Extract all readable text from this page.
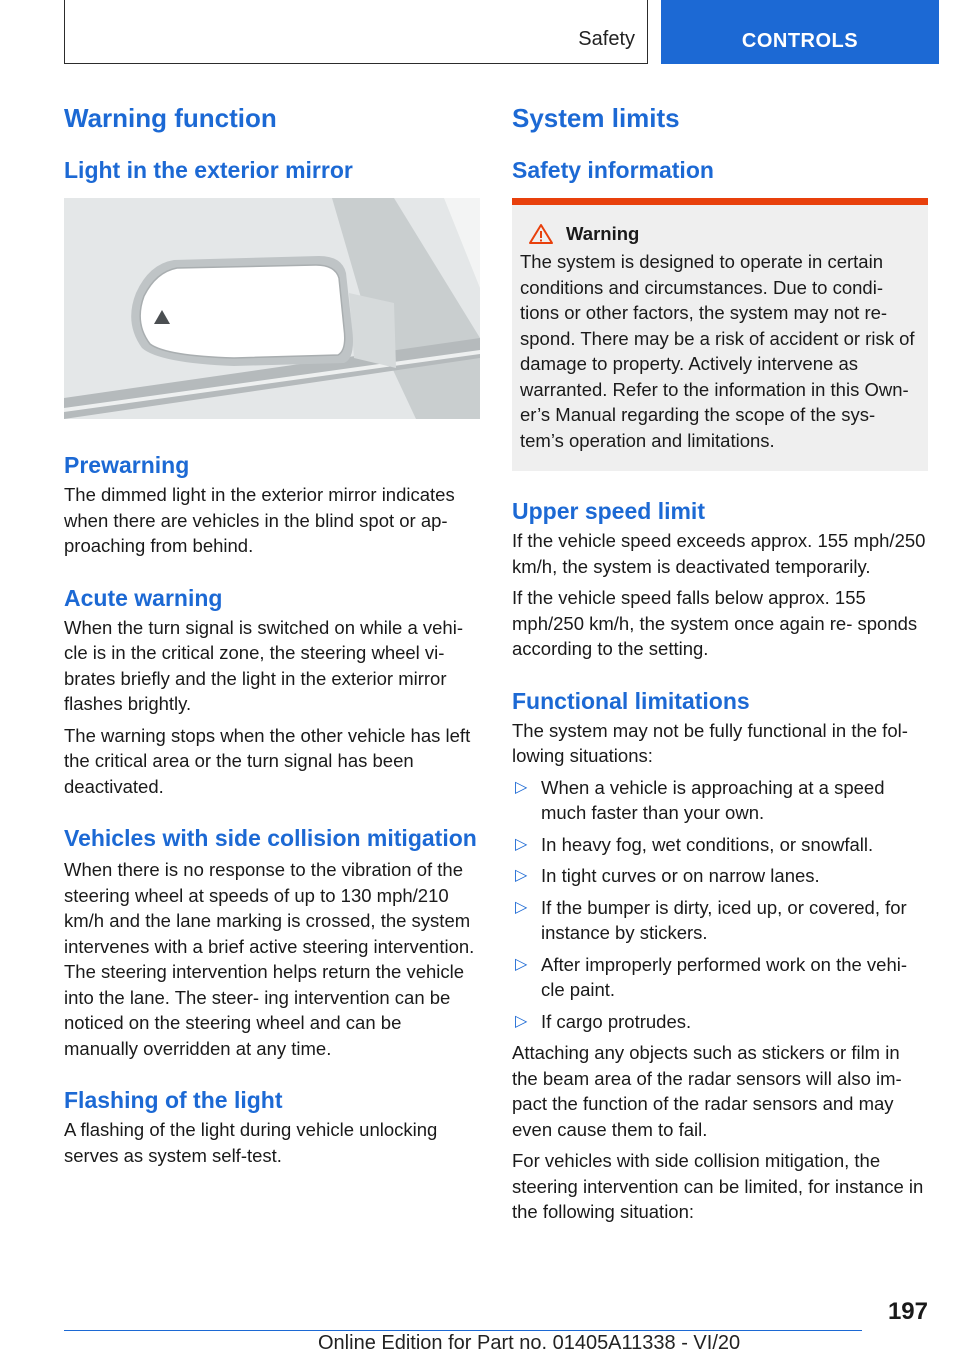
Safety	CONTROLS
Warning function
Light in the exterior mirror
Prewarning

The dimmed light in the exterior mirror indicates when there are vehicles in the blind spot or ap‐ proaching from behind.

Acute warning

When the turn signal is switched on while a vehi‐ cle is in the critical zone, the steering wheel vi‐ brates briefly and the light in the exterior mirror flashes brightly.

The warning stops when the other vehicle has left the critical area or the turn signal has been deactivated.

Vehicles with side collision mitigation

When there is no response to the vibration of the steering wheel at speeds of up to 130 mph/210 km/h and the lane marking is crossed, the system intervenes with a brief active steering intervention. The steering intervention helps return the vehicle into the lane. The steer‐ ing intervention can be noticed on the steering wheel and can be manually overridden at any time.

Flashing of the light

A flashing of the light during vehicle unlocking serves as system self-test.

System limits
Safety information
Warning

The system is designed to operate in certain conditions and circumstances. Due to condi‐ tions or other factors, the system may not re‐ spond. There may be a risk of accident or risk of damage to property. Actively intervene as warranted. Refer to the information in this Own‐ er’s Manual regarding the scope of the sys‐ tem’s operation and limitations.

Upper speed limit

If the vehicle speed exceeds approx. 155 mph/250 km/h, the system is deactivated temporarily.

If the vehicle speed falls below approx. 155 mph/250 km/h, the system once again re‐ sponds according to the setting.

Functional limitations

The system may not be fully functional in the fol‐ lowing situations:

▷ When a vehicle is approaching at a speed much faster than your own.
▷ In heavy fog, wet conditions, or snowfall.
▷ In tight curves or on narrow lanes.
▷ If the bumper is dirty, iced up, or covered, for instance by stickers.
▷ After improperly performed work on the vehi‐ cle paint.
▷ If cargo protrudes.

Attaching any objects such as stickers or film in the beam area of the radar sensors will also im‐ pact the function of the radar sensors and may even cause them to fail.

For vehicles with side collision mitigation, the steering intervention can be limited, for instance in the following situation:

197
Online Edition for Part no. 01405A11338 - VI/20
